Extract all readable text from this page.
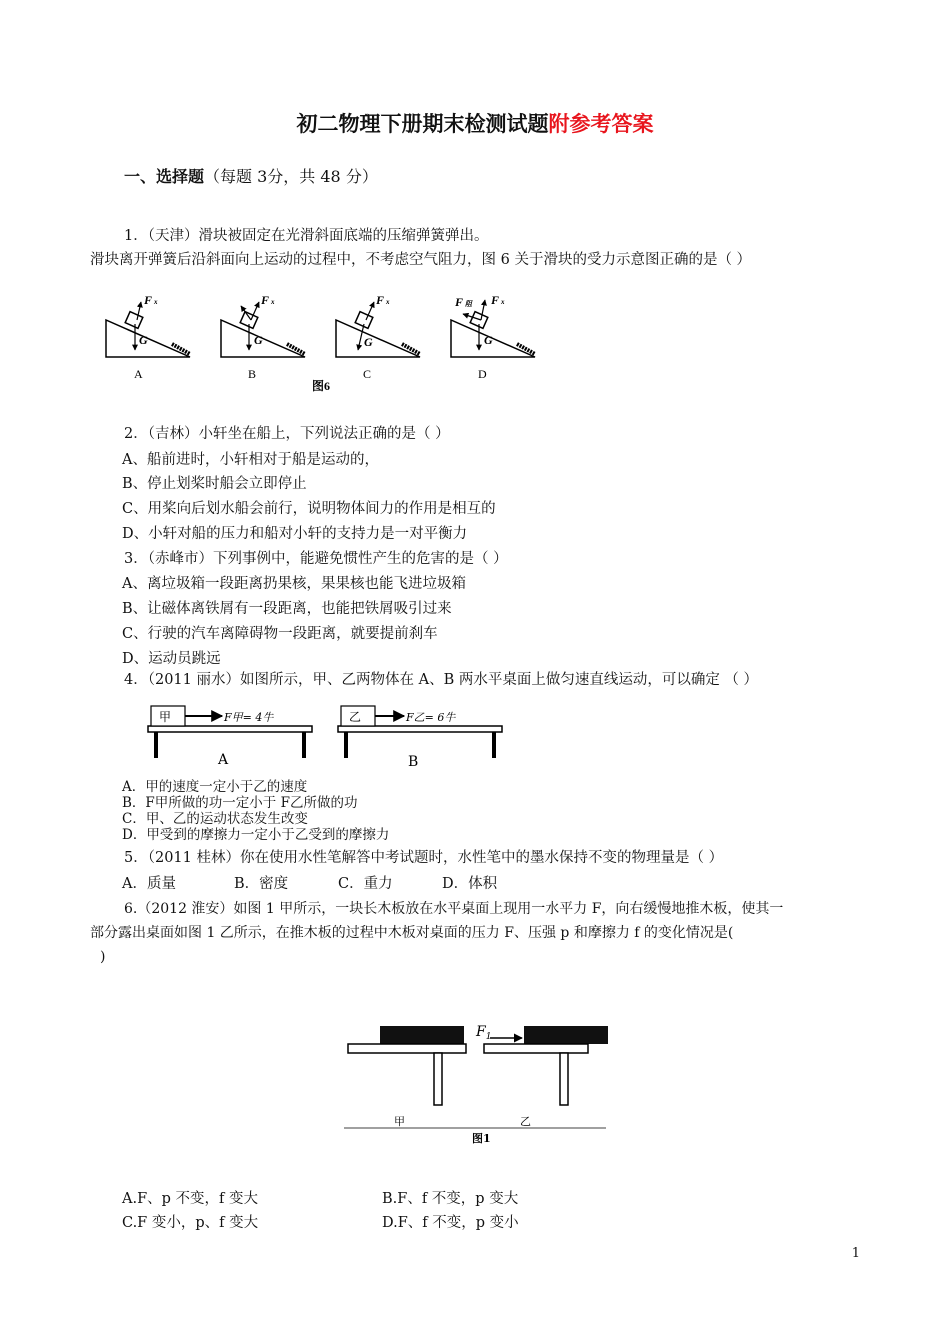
初二物理下册期末检测试题附参考答案
一、选择题（每题 3分，共 48 分）
1．（天津）滑块被固定在光滑斜面底端的压缩弹簧弹出。
滑块离开弹簧后沿斜面向上运动的过程中，不考虑空气阻力，图 6 关于滑块的受力示意图正确的是（ ）
Fx
G
A
Fx
G
B
Fx
G
C
F阻 Fx
G
D
图6
2．（吉林）小轩坐在船上，下列说法正确的是（ ）
A、船前进时，小轩相对于船是运动的，
B、停止划桨时船会立即停止
C、用桨向后划水船会前行，说明物体间力的作用是相互的
D、小轩对船的压力和船对小轩的支持力是一对平衡力
3．（赤峰市）下列事例中，能避免惯性产生的危害的是（ ）
A、离垃圾箱一段距离扔果核，果果核也能飞进垃圾箱
B、让磁体离铁屑有一段距离，也能把铁屑吸引过来
C、行驶的汽车离障碍物一段距离，就要提前刹车
D、运动员跳远
4．（2011 丽水）如图所示，甲、乙两物体在 A、B 两水平桌面上做匀速直线运动，可以确定 （ ）
甲	F甲= 4牛
A
乙	F乙= 6牛
B
A．甲的速度一定小于乙的速度
B．F甲所做的功一定小于 F乙所做的功
C．甲、乙的运动状态发生改变
D．甲受到的摩擦力一定小于乙受到的摩擦力
5．（2011 桂林）你在使用水性笔解答中考试题时，水性笔中的墨水保持不变的物理量是（ ）
A．质量	B．密度	C．重力	D．体积
6.（2012 淮安）如图 1 甲所示，一块长木板放在水平桌面上现用一水平力 F，向右缓慢地推木板，使其一
部分露出桌面如图 1 乙所示，在推木板的过程中木板对桌面的压力 F、压强 p 和摩擦力 f 的变化情况是(
)
甲
$F_1$
乙
图1
A.F、p 不变，f 变大	B.F、f 不变，p 变大
C.F 变小，p、f 变大	D.F、f 不变，p 变小
1
